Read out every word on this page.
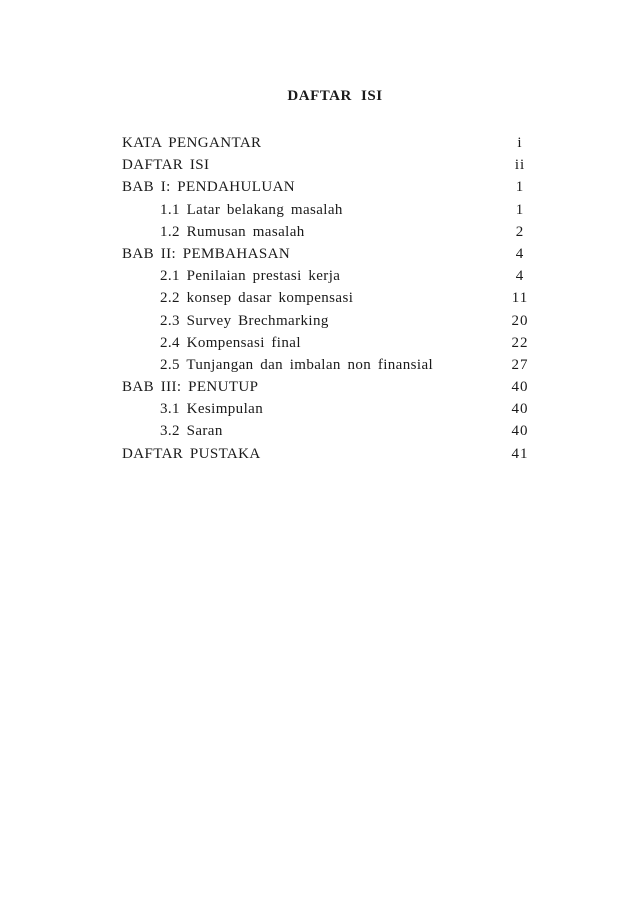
DAFTAR ISI
KATA PENGANTAR	i
DAFTAR ISI	ii
BAB I: PENDAHULUAN	1
1.1 Latar belakang masalah	1
1.2 Rumusan masalah	2
BAB II: PEMBAHASAN	4
2.1 Penilaian prestasi kerja	4
2.2 konsep dasar kompensasi	11
2.3 Survey Brechmarking	20
2.4 Kompensasi final	22
2.5 Tunjangan dan imbalan non finansial	27
BAB III: PENUTUP	40
3.1 Kesimpulan	40
3.2 Saran	40
DAFTAR PUSTAKA	41
